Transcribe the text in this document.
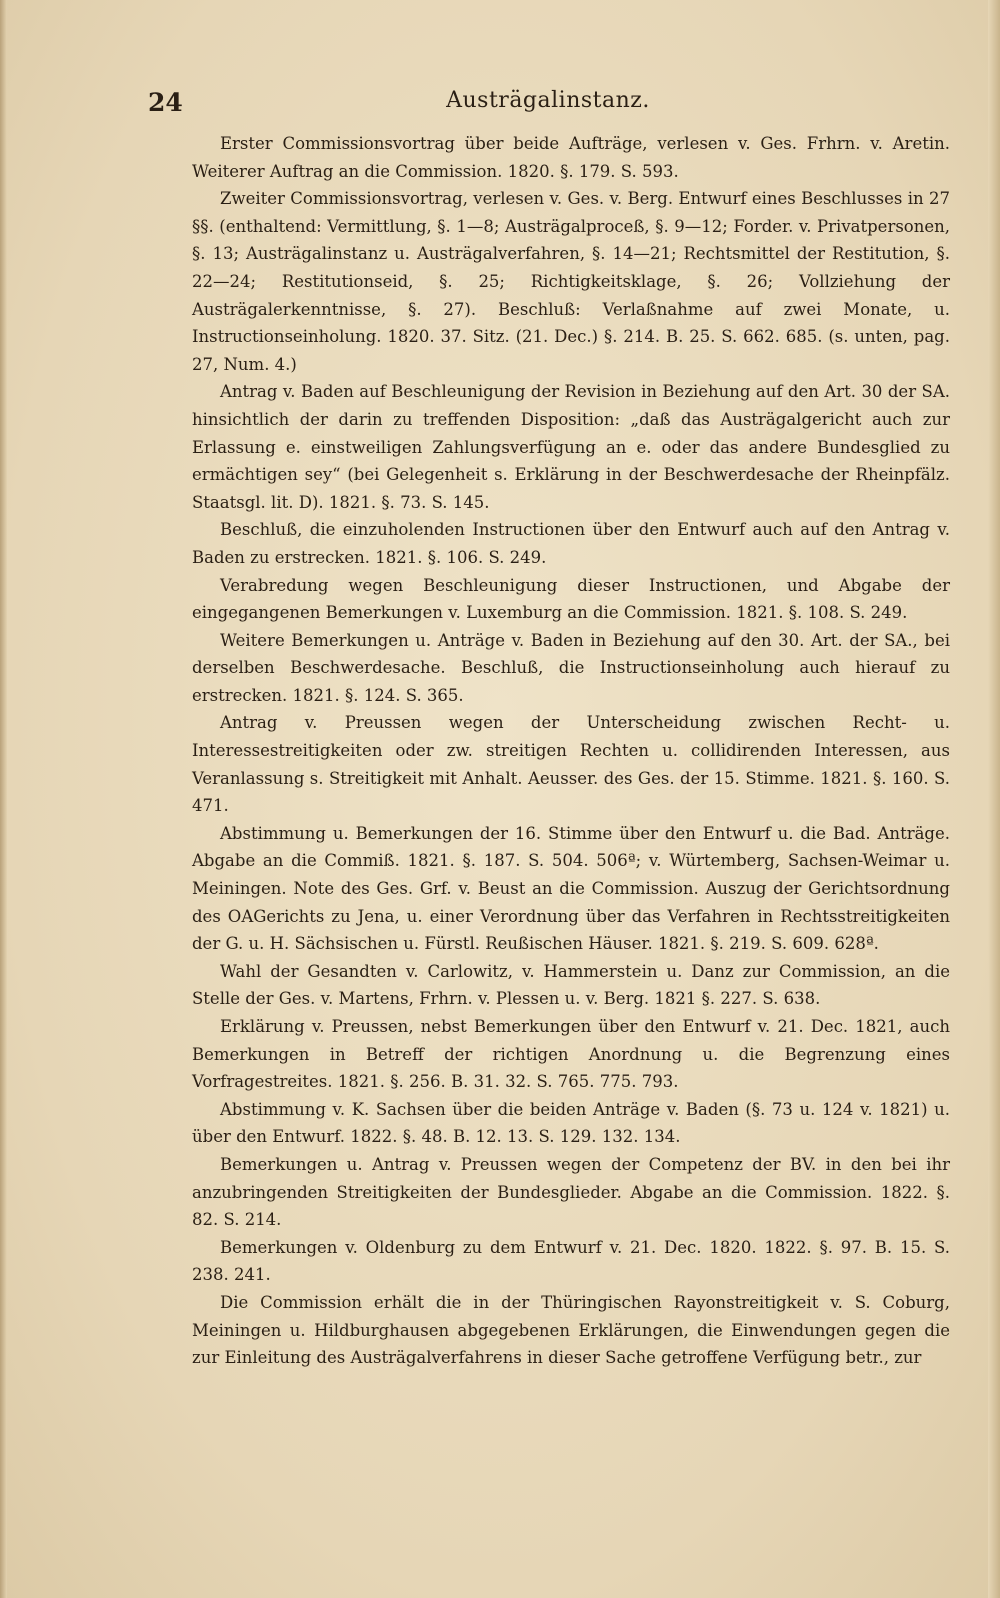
24	Austrägalinstanz.

Erster Commissionsvortrag über beide Aufträge, verlesen v. Ges. Frhrn. v. Aretin. Weiterer Auftrag an die Commission. 1820. §. 179. S. 593.

Zweiter Commissionsvortrag, verlesen v. Ges. v. Berg. Entwurf eines Beschlusses in 27 §§. (enthaltend: Vermittlung, §. 1—8; Austrägalproceß, §. 9—12; Forder. v. Privatpersonen, §. 13; Austrägalinstanz u. Austrägalverfahren, §. 14—21; Rechtsmittel der Restitution, §. 22—24; Restitutionseid, §. 25; Richtigkeitsklage, §. 26; Vollziehung der Austrägalerkenntnisse, §. 27). Beschluß: Verlaßnahme auf zwei Monate, u. Instructionseinholung. 1820. 37. Sitz. (21. Dec.) §. 214. B. 25. S. 662. 685. (s. unten, pag. 27, Num. 4.)

Antrag v. Baden auf Beschleunigung der Revision in Beziehung auf den Art. 30 der SA. hinsichtlich der darin zu treffenden Disposition: „daß das Austrägalgericht auch zur Erlassung e. einstweiligen Zahlungsverfügung an e. oder das andere Bundesglied zu ermächtigen sey“ (bei Gelegenheit s. Erklärung in der Beschwerdesache der Rheinpfälz. Staatsgl. lit. D). 1821. §. 73. S. 145.

Beschluß, die einzuholenden Instructionen über den Entwurf auch auf den Antrag v. Baden zu erstrecken. 1821. §. 106. S. 249.

Verabredung wegen Beschleunigung dieser Instructionen, und Abgabe der eingegangenen Bemerkungen v. Luxemburg an die Commission. 1821. §. 108. S. 249.

Weitere Bemerkungen u. Anträge v. Baden in Beziehung auf den 30. Art. der SA., bei derselben Beschwerdesache. Beschluß, die Instructionseinholung auch hierauf zu erstrecken. 1821. §. 124. S. 365.

Antrag v. Preussen wegen der Unterscheidung zwischen Recht- u. Interessestreitigkeiten oder zw. streitigen Rechten u. collidirenden Interessen, aus Veranlassung s. Streitigkeit mit Anhalt. Aeusser. des Ges. der 15. Stimme. 1821. §. 160. S. 471.

Abstimmung u. Bemerkungen der 16. Stimme über den Entwurf u. die Bad. Anträge. Abgabe an die Commiß. 1821. §. 187. S. 504. 506ª; v. Würtemberg, Sachsen-Weimar u. Meiningen. Note des Ges. Grf. v. Beust an die Commission. Auszug der Gerichtsordnung des OAGerichts zu Jena, u. einer Verordnung über das Verfahren in Rechtsstreitigkeiten der G. u. H. Sächsischen u. Fürstl. Reußischen Häuser. 1821. §. 219. S. 609. 628ª.

Wahl der Gesandten v. Carlowitz, v. Hammerstein u. Danz zur Commission, an die Stelle der Ges. v. Martens, Frhrn. v. Plessen u. v. Berg. 1821 §. 227. S. 638.

Erklärung v. Preussen, nebst Bemerkungen über den Entwurf v. 21. Dec. 1821, auch Bemerkungen in Betreff der richtigen Anordnung u. die Begrenzung eines Vorfragestreites. 1821. §. 256. B. 31. 32. S. 765. 775. 793.

Abstimmung v. K. Sachsen über die beiden Anträge v. Baden (§. 73 u. 124 v. 1821) u. über den Entwurf. 1822. §. 48. B. 12. 13. S. 129. 132. 134.

Bemerkungen u. Antrag v. Preussen wegen der Competenz der BV. in den bei ihr anzubringenden Streitigkeiten der Bundesglieder. Abgabe an die Commission. 1822. §. 82. S. 214.

Bemerkungen v. Oldenburg zu dem Entwurf v. 21. Dec. 1820. 1822. §. 97. B. 15. S. 238. 241.

Die Commission erhält die in der Thüringischen Rayonstreitigkeit v. S. Coburg, Meiningen u. Hildburghausen abgegebenen Erklärungen, die Einwendungen gegen die zur Einleitung des Austrägalverfahrens in dieser Sache getroffene Verfügung betr., zur
